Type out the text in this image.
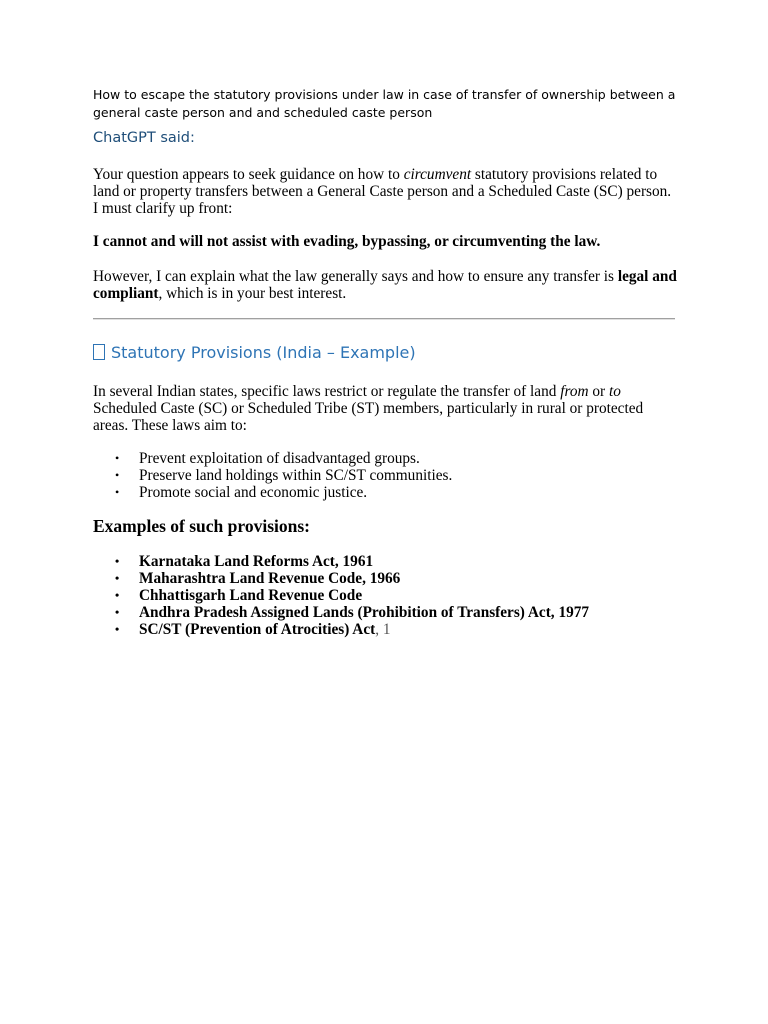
How to escape the statutory provisions under law in case of transfer of ownership between a general caste person and and scheduled caste person
ChatGPT said:
Your question appears to seek guidance on how to circumvent statutory provisions related to land or property transfers between a General Caste person and a Scheduled Caste (SC) person. I must clarify up front:
I cannot and will not assist with evading, bypassing, or circumventing the law.
However, I can explain what the law generally says and how to ensure any transfer is legal and compliant, which is in your best interest.
Statutory Provisions (India – Example)
In several Indian states, specific laws restrict or regulate the transfer of land from or to Scheduled Caste (SC) or Scheduled Tribe (ST) members, particularly in rural or protected areas. These laws aim to:
• Prevent exploitation of disadvantaged groups.
• Preserve land holdings within SC/ST communities.
• Promote social and economic justice.
Examples of such provisions:
• Karnataka Land Reforms Act, 1961
• Maharashtra Land Revenue Code, 1966
• Chhattisgarh Land Revenue Code
• Andhra Pradesh Assigned Lands (Prohibition of Transfers) Act, 1977
• SC/ST (Prevention of Atrocities) Act, 1
